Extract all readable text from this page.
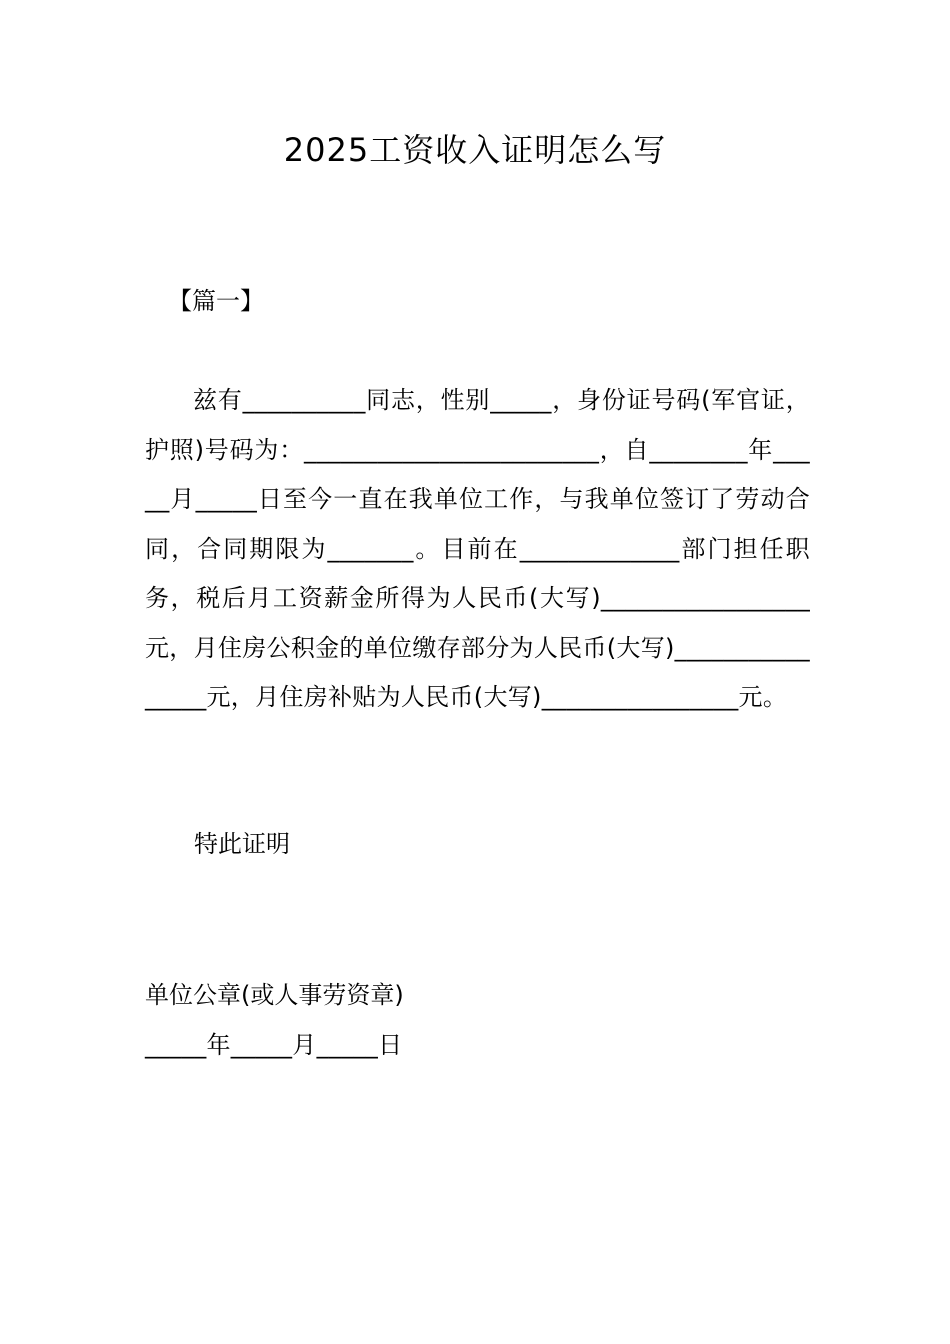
2025工资收入证明怎么写
【篇一】

兹有__________同志，性别_____，身份证号码(军官证，护照)号码为：________________________，自________年_____月_____日至今一直在我单位工作，与我单位签订了劳动合同，合同期限为_______。目前在_____________部门担任职务，税后月工资薪金所得为人民币(大写)_________________元，月住房公积金的单位缴存部分为人民币(大写)________________元，月住房补贴为人民币(大写)________________元。

特此证明
单位公章(或人事劳资章)
_____年_____月_____日
